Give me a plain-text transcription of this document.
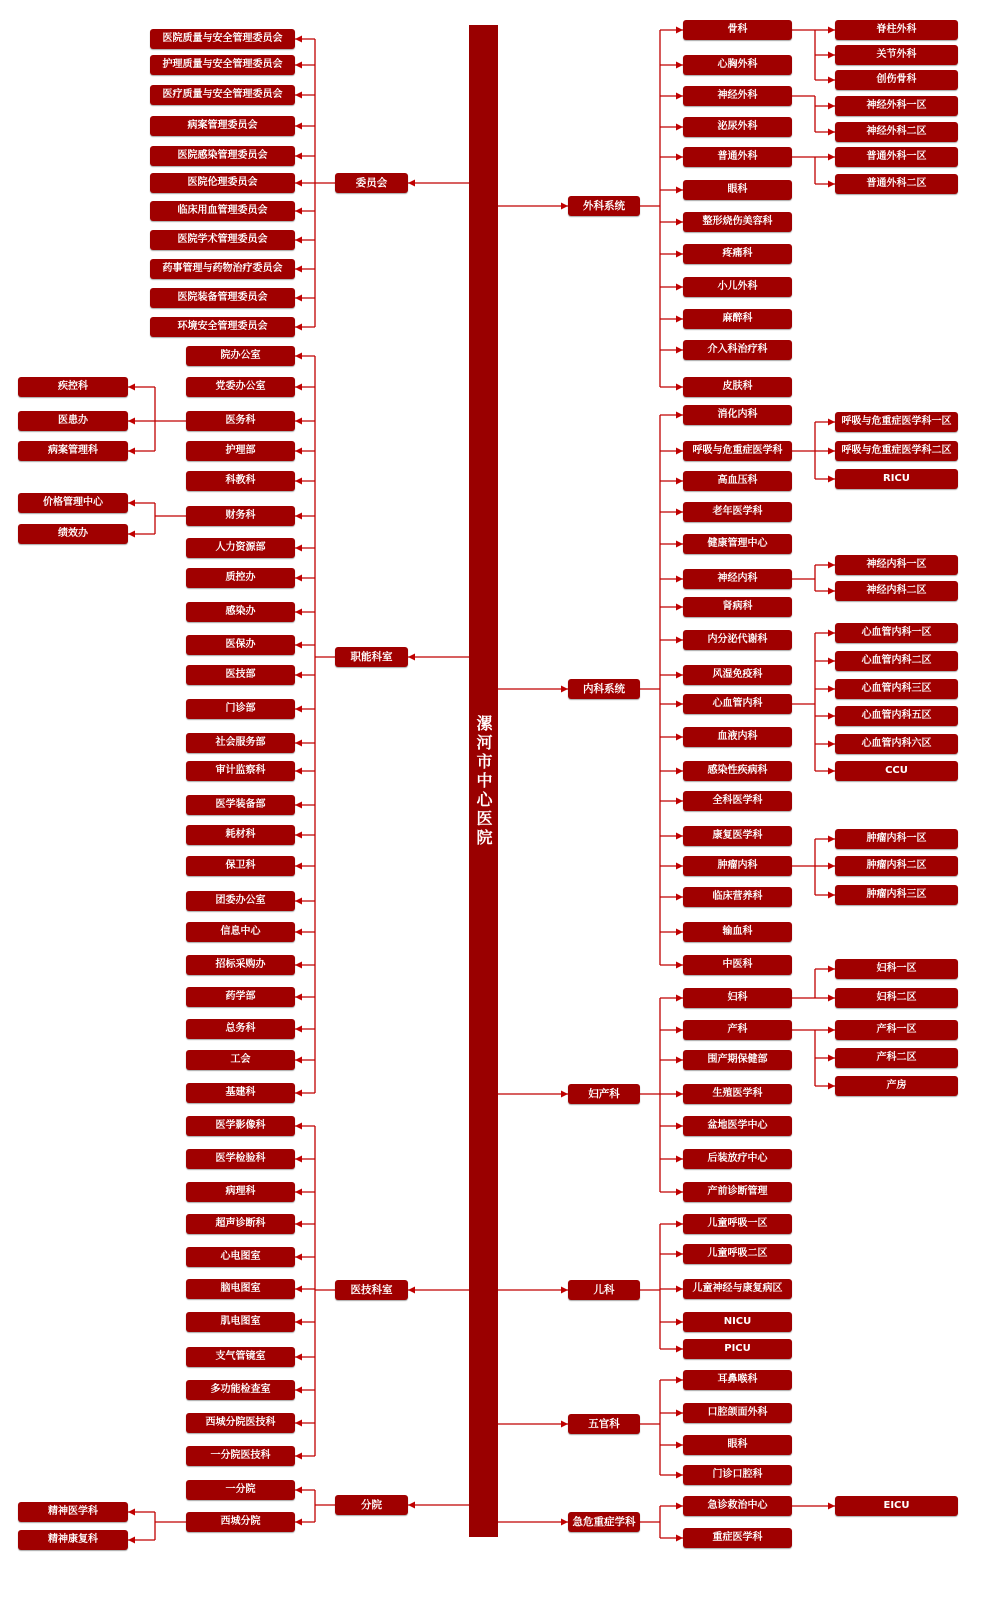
漯河市中心医院
委员会
医院质量与安全管理委员会
护理质量与安全管理委员会
医疗质量与安全管理委员会
病案管理委员会
医院感染管理委员会
医院伦理委员会
临床用血管理委员会
医院学术管理委员会
药事管理与药物治疗委员会
医院装备管理委员会
环境安全管理委员会
职能科室
院办公室
党委办公室
医务科
疾控科
医患办
病案管理科	护理部
科教科
财务科
价格管理中心
绩效办
人力资源部
质控办
感染办
医保办
医技部
门诊部
社会服务部
审计监察科
医学装备部
耗材科
保卫科
团委办公室
信息中心
招标采购办
药学部
总务科
工会
基建科
医技科室
医学影像科
医学检验科
病理科
超声诊断科
心电图室
脑电图室
肌电图室
支气管镜室
多功能检查室
西城分院医技科
一分院医技科
分院
一分院
西城分院
精神医学科
精神康复科
外科系统
骨科	脊柱外科
关节外科
创伤骨科
心胸外科
神经外科
神经外科一区
神经外科二区
泌尿外科
普通外科	普通外科一区
普通外科二区
眼科
整形烧伤美容科
疼痛科
小儿外科
麻醉科
介入科治疗科
皮肤科
内科系统
消化内科
呼吸与危重症医学科
呼吸与危重症医学科一区
呼吸与危重症医学科二区
RICU
高血压科
老年医学科
健康管理中心
神经内科
神经内科一区
神经内科二区
肾病科
内分泌代谢科
风湿免疫科
心血管内科
心血管内科一区
心血管内科二区
心血管内科三区
心血管内科五区
心血管内科六区
CCU
血液内科
感染性疾病科
全科医学科
康复医学科
肿瘤内科
肿瘤内科一区
肿瘤内科二区
肿瘤内科三区
临床营养科
输血科
中医科
妇产科
妇科
妇科一区
妇科二区
产科	产科一区
产科二区
产房
围产期保健部
生殖医学科
盆地医学中心
后装放疗中心
产前诊断管理
儿科
儿童呼吸一区
儿童呼吸二区
儿童神经与康复病区
NICU
PICU
五官科
耳鼻喉科
口腔颌面外科
眼科
门诊口腔科
急危重症学科
急诊救治中心	EICU
重症医学科
